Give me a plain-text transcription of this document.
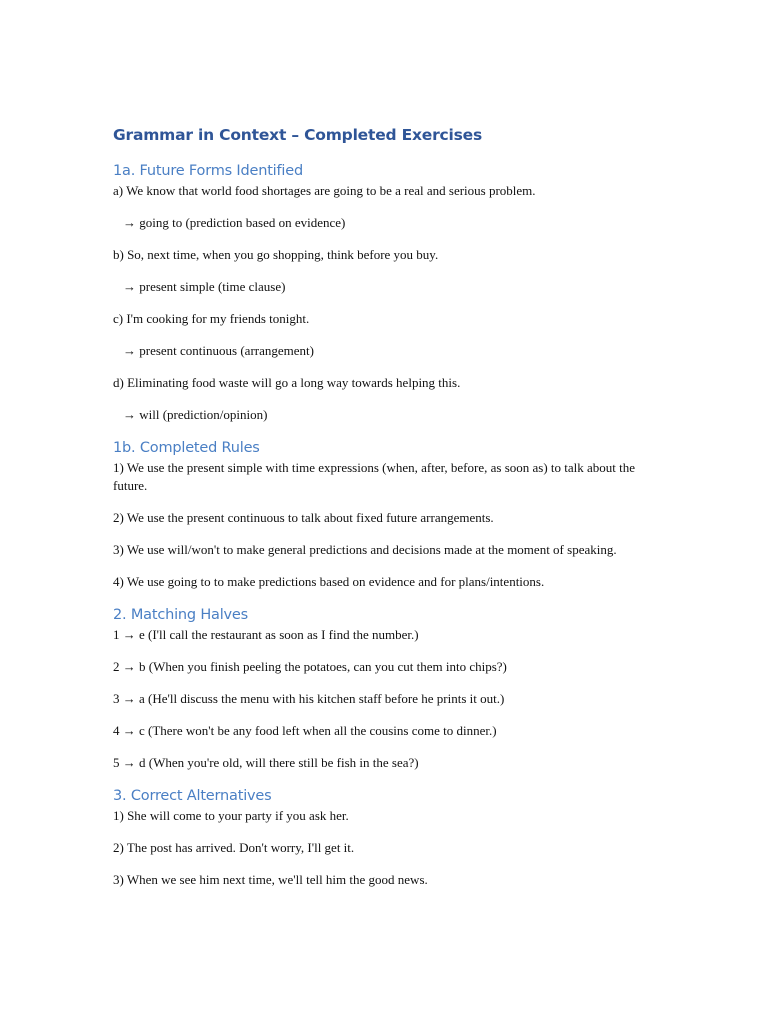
Grammar in Context – Completed Exercises
1a. Future Forms Identified

a) We know that world food shortages are going to be a real and serious problem.

→ going to (prediction based on evidence)

b) So, next time, when you go shopping, think before you buy.

→ present simple (time clause)

c) I'm cooking for my friends tonight.

→ present continuous (arrangement)

d) Eliminating food waste will go a long way towards helping this.

→ will (prediction/opinion)

1b. Completed Rules

1) We use the present simple with time expressions (when, after, before, as soon as) to talk about the future.

2) We use the present continuous to talk about fixed future arrangements.

3) We use will/won't to make general predictions and decisions made at the moment of speaking.

4) We use going to to make predictions based on evidence and for plans/intentions.

2. Matching Halves

1 → e (I'll call the restaurant as soon as I find the number.)

2 → b (When you finish peeling the potatoes, can you cut them into chips?)

3 → a (He'll discuss the menu with his kitchen staff before he prints it out.)

4 → c (There won't be any food left when all the cousins come to dinner.)

5 → d (When you're old, will there still be fish in the sea?)

3. Correct Alternatives

1) She will come to your party if you ask her.

2) The post has arrived. Don't worry, I'll get it.

3) When we see him next time, we'll tell him the good news.
